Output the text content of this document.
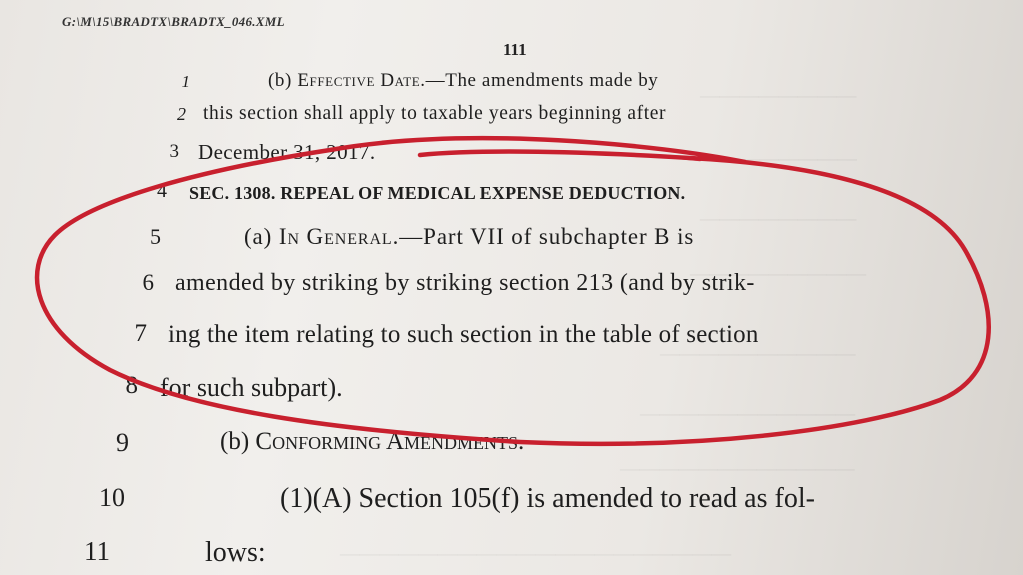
————————
———————
————————
—————————
——————————
———————————
————————————
————————————————————
G:\M\15\BRADTX\BRADTX_046.XML
111
1
2
3
4
5
6
7
8
9
10
11
(b) Effective Date.—The amendments made by
this section shall apply to taxable years beginning after
December 31, 2017.
SEC. 1308. REPEAL OF MEDICAL EXPENSE DEDUCTION.
(a) In General.—Part VII of subchapter B is
amended by striking by striking section 213 (and by strik-
ing the item relating to such section in the table of section
for such subpart).
(b) Conforming Amendments.—
(1)(A) Section 105(f) is amended to read as fol-
lows:
